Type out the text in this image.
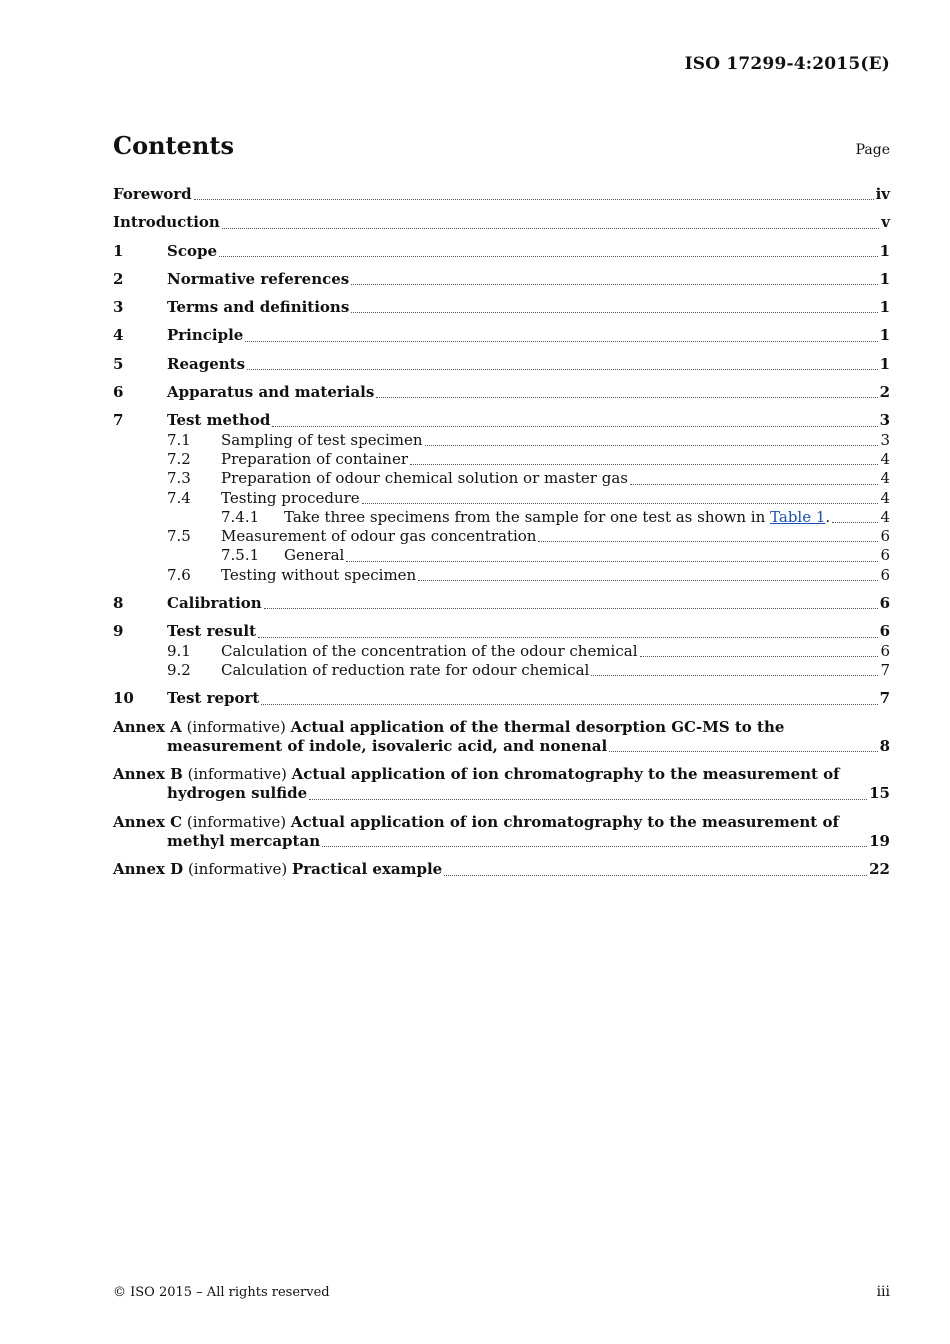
ISO 17299-4:2015(E)
Contents	Page
Foreword	iv
Introduction	v
1	Scope	1
2	Normative references	1
3	Terms and definitions	1
4	Principle	1
5	Reagents	1
6	Apparatus and materials	2
7	Test method	3
7.1 Sampling of test specimen	3
7.2 Preparation of container	4
7.3 Preparation of odour chemical solution or master gas	4
7.4 Testing procedure	4
7.4.1 Take three specimens from the sample for one test as shown in Table 1.	4
7.5 Measurement of odour gas concentration	6
7.5.1 General	6
7.6 Testing without specimen	6
8	Calibration	6
9	Test result	6
9.1 Calculation of the concentration of the odour chemical	6
9.2 Calculation of reduction rate for odour chemical	7
10 Test report	7
Annex A (informative) Actual application of the thermal desorption GC-MS to the
measurement of indole, isovaleric acid, and nonenal	8
Annex B (informative) Actual application of ion chromatography to the measurement of
hydrogen sulfide	15
Annex C (informative) Actual application of ion chromatography to the measurement of
methyl mercaptan	19
Annex D (informative) Practical example	22
© ISO 2015 – All rights reserved	iii
